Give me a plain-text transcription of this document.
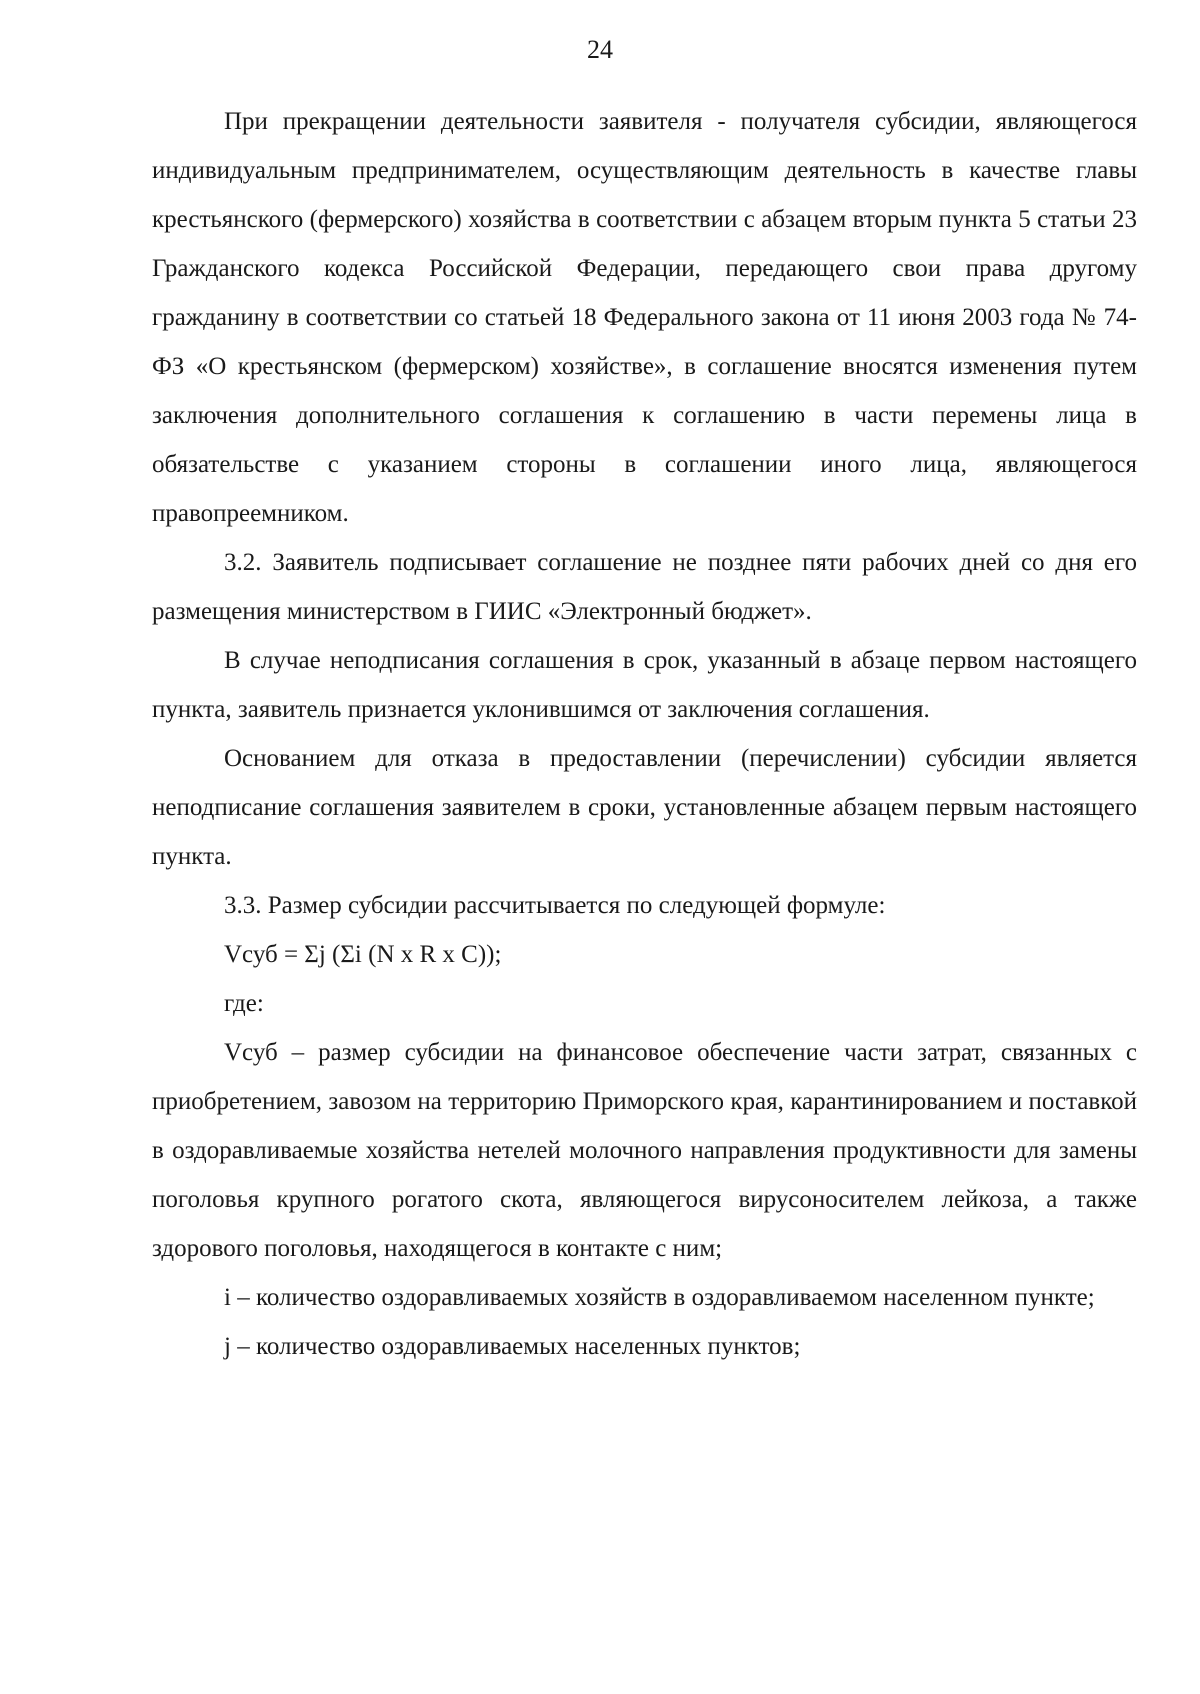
24

При прекращении деятельности заявителя - получателя субсидии, являющегося индивидуальным предпринимателем, осуществляющим деятельность в качестве главы крестьянского (фермерского) хозяйства в соответствии с абзацем вторым пункта 5 статьи 23 Гражданского кодекса Российской Федерации, передающего свои права другому гражданину в соответствии со статьей 18 Федерального закона от 11 июня 2003 года № 74-ФЗ «О крестьянском (фермерском) хозяйстве», в соглашение вносятся изменения путем заключения дополнительного соглашения к соглашению в части перемены лица в обязательстве с указанием стороны в соглашении иного лица, являющегося правопреемником.

3.2. Заявитель подписывает соглашение не позднее пяти рабочих дней со дня его размещения министерством в ГИИС «Электронный бюджет».

В случае неподписания соглашения в срок, указанный в абзаце первом настоящего пункта, заявитель признается уклонившимся от заключения соглашения.

Основанием для отказа в предоставлении (перечислении) субсидии является неподписание соглашения заявителем в сроки, установленные абзацем первым настоящего пункта.

3.3. Размер субсидии рассчитывается по следующей формуле:

Vсуб = Σj (Σi (N x R x C));

где:

Vсуб – размер субсидии на финансовое обеспечение части затрат, связанных с приобретением, завозом на территорию Приморского края, карантинированием и поставкой в оздоравливаемые хозяйства нетелей молочного направления продуктивности для замены поголовья крупного рогатого скота, являющегося вирусоносителем лейкоза, а также здорового поголовья, находящегося в контакте с ним;

i – количество оздоравливаемых хозяйств в оздоравливаемом населенном пункте;

j – количество оздоравливаемых населенных пунктов;
